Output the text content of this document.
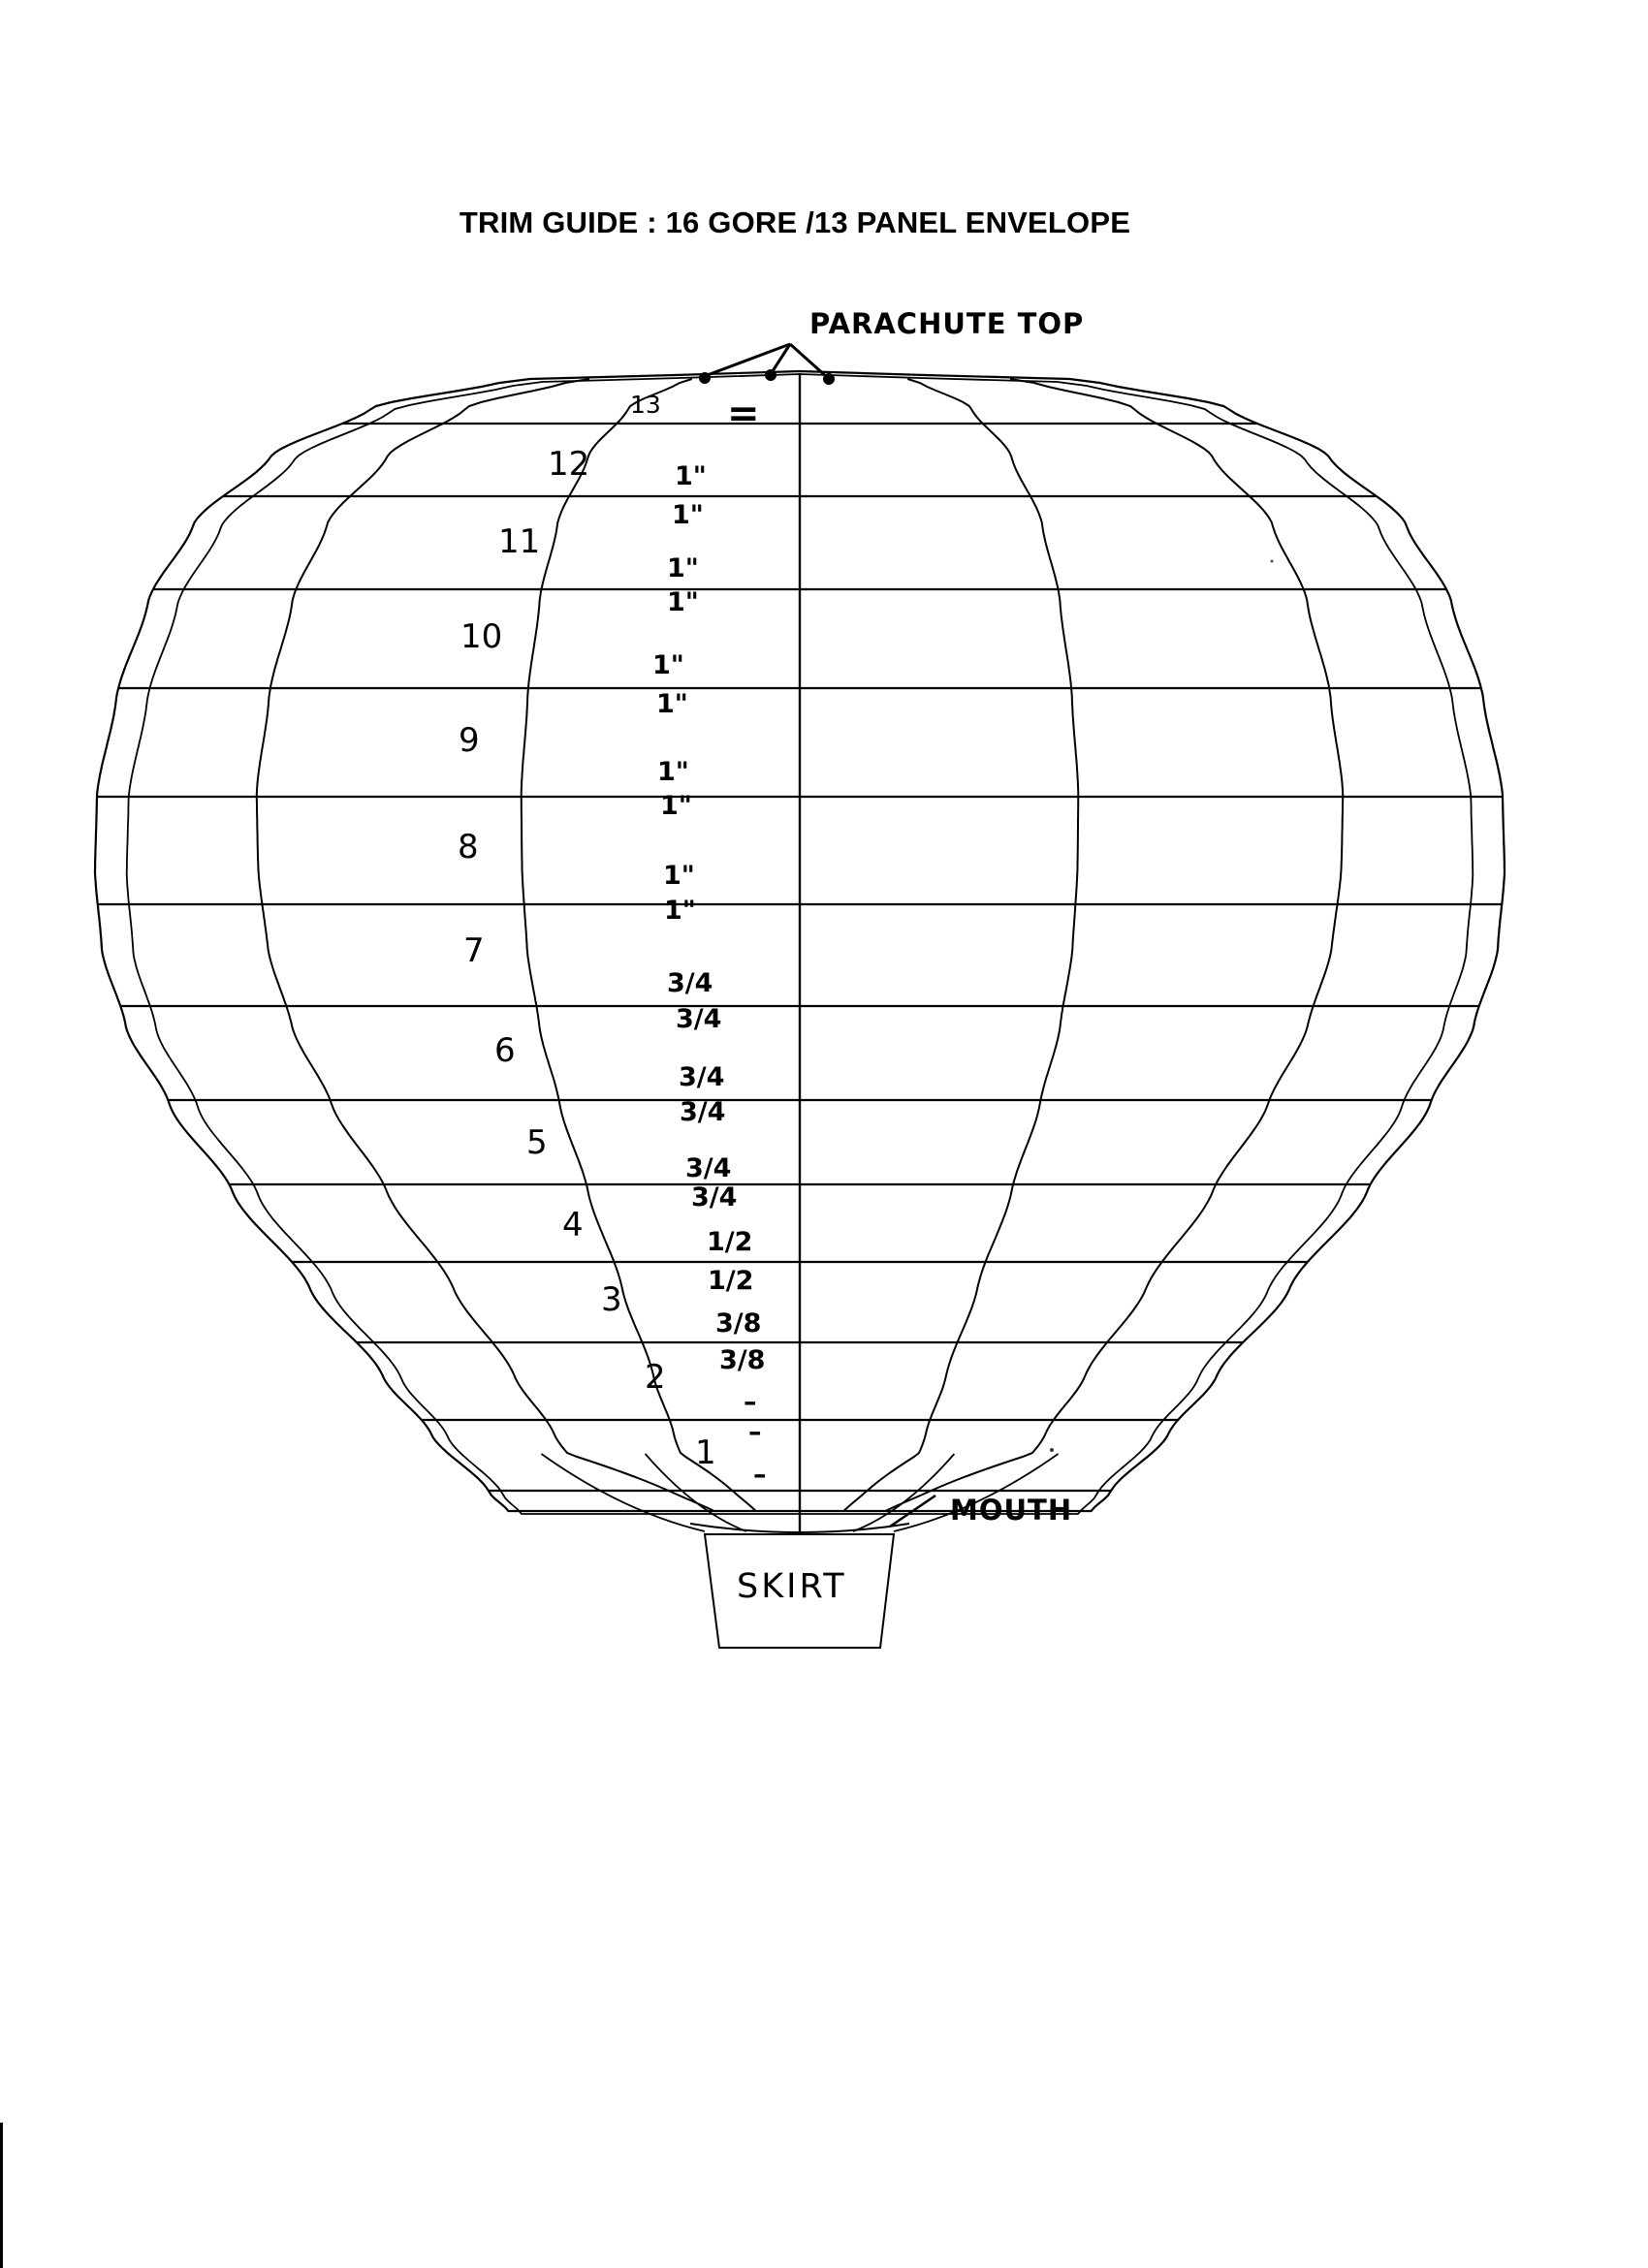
TRIM GUIDE : 16 GORE /13 PANEL ENVELOPE
PARACHUTE TOP
MOUTH
SKIRT
13
12
11
10
9
8
7
6
5
4
3
2
1
=
1"
1"
1"
1"
1"
1"
1"
1"
1"
1"
3/4
3/4
3/4
3/4
3/4
3/4
1/2
1/2
3/8
3/8
–
–
–
